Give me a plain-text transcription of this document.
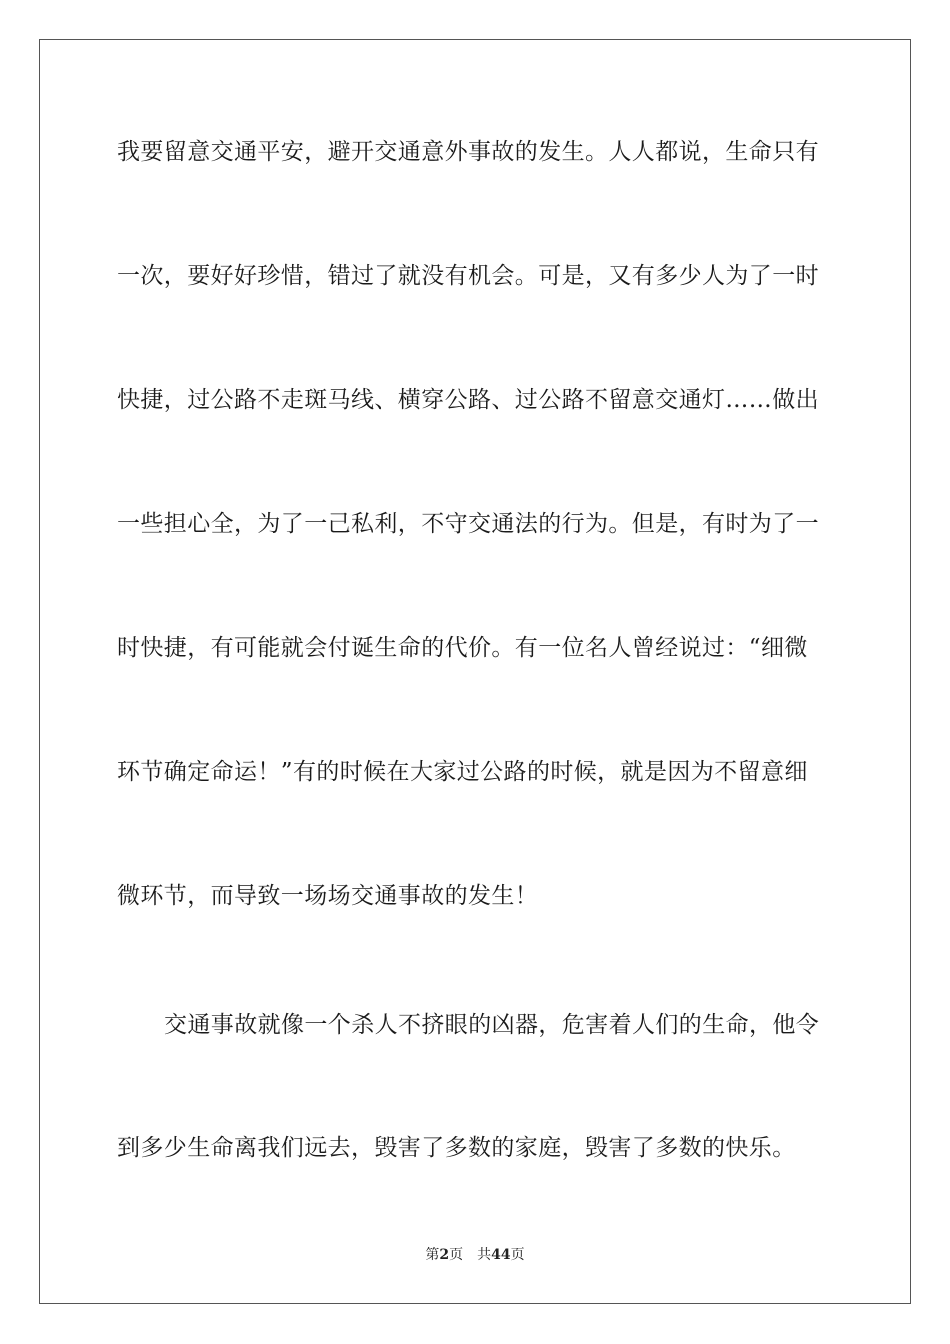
我要留意交通平安，避开交通意外事故的发生。人人都说，生命只有
一次，要好好珍惜，错过了就没有机会。可是，又有多少人为了一时
快捷，过公路不走斑马线、横穿公路、过公路不留意交通灯……做出
一些担心全，为了一己私利，不守交通法的行为。但是，有时为了一
时快捷，有可能就会付诞生命的代价。有一位名人曾经说过：“细微
环节确定命运！”有的时候在大家过公路的时候，就是因为不留意细
微环节，而导致一场场交通事故的发生！
交通事故就像一个杀人不挤眼的凶器，危害着人们的生命，他令
到多少生命离我们远去，毁害了多数的家庭，毁害了多数的快乐。
第2页 共44页
